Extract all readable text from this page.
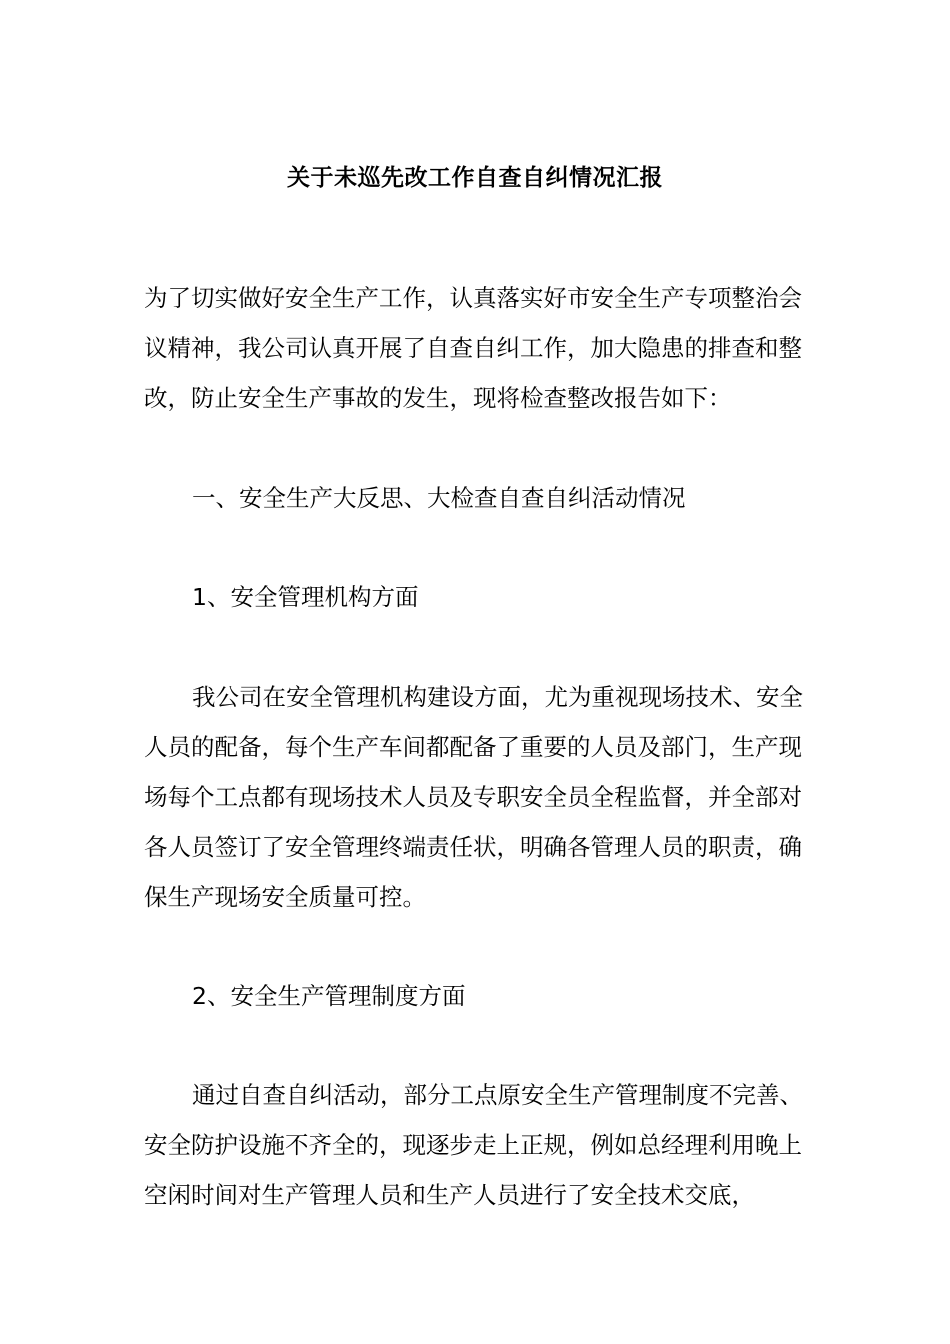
关于未巡先改工作自查自纠情况汇报

为了切实做好安全生产工作，认真落实好市安全生产专项整治会议精神，我公司认真开展了自查自纠工作，加大隐患的排查和整改，防止安全生产事故的发生，现将检查整改报告如下：

一、安全生产大反思、大检查自查自纠活动情况
1、安全管理机构方面

我公司在安全管理机构建设方面，尤为重视现场技术、安全人员的配备，每个生产车间都配备了重要的人员及部门，生产现场每个工点都有现场技术人员及专职安全员全程监督，并全部对各人员签订了安全管理终端责任状，明确各管理人员的职责，确保生产现场安全质量可控。

2、安全生产管理制度方面

通过自查自纠活动，部分工点原安全生产管理制度不完善、安全防护设施不齐全的，现逐步走上正规，例如总经理利用晚上空闲时间对生产管理人员和生产人员进行了安全技术交底，
